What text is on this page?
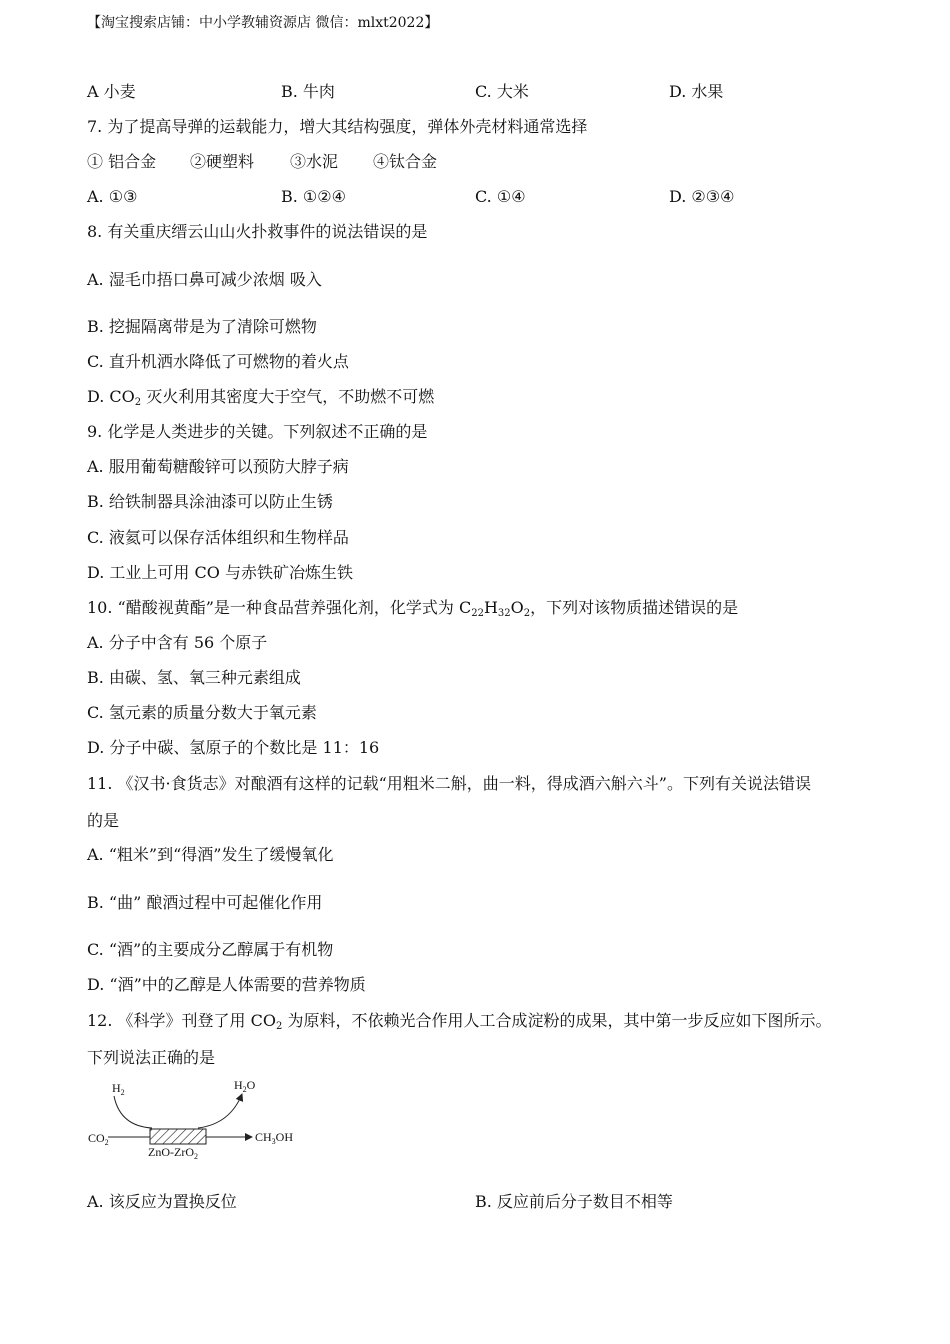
【淘宝搜索店铺：中小学教辅资源店 微信：mlxt2022】
A 小麦	B. 牛肉	C. 大米	D. 水果
7. 为了提高导弹的运载能力，增大其结构强度，弹体外壳材料通常选择
① 铝合金 ②硬塑料 ③水泥 ④钛合金
A. ①③	B. ①②④	C. ①④	D. ②③④
8. 有关重庆缙云山山火扑救事件的说法错误的是
A. 湿毛巾捂口鼻可减少浓烟 吸入
B. 挖掘隔离带是为了清除可燃物
C. 直升机洒水降低了可燃物的着火点
D. $CO_2$ 灭火利用其密度大于空气，不助燃不可燃
9. 化学是人类进步的关键。下列叙述不正确的是
A. 服用葡萄糖酸锌可以预防大脖子病
B. 给铁制器具涂油漆可以防止生锈
C. 液氦可以保存活体组织和生物样品
D. 工业上可用 CO 与赤铁矿冶炼生铁
10. “醋酸视黄酯”是一种食品营养强化剂，化学式为 $C_{22}H_{32}O_2$，下列对该物质描述错误的是
A. 分子中含有 56 个原子
B. 由碳、氢、氧三种元素组成
C. 氢元素的质量分数大于氧元素
D. 分子中碳、氢原子的个数比是 11：16
11. 《汉书·食货志》对酿酒有这样的记载“用粗米二斛，曲一料，得成酒六斛六斗”。下列有关说法错误
的是
A. “粗米”到“得酒”发生了缓慢氧化
B. “曲” 酿酒过程中可起催化作用
C. “酒”的主要成分乙醇属于有机物
D. “酒”中的乙醇是人体需要的营养物质
12. 《科学》刊登了用 $CO_2$ 为原料，不依赖光合作用人工合成淀粉的成果，其中第一步反应如下图所示。
下列说法正确的是
$H_2$
$H_2O$
$CO_2$	$CH_3OH$
ZnO-ZrO$_2$
A. 该反应为置换反位	B. 反应前后分子数目不相等
